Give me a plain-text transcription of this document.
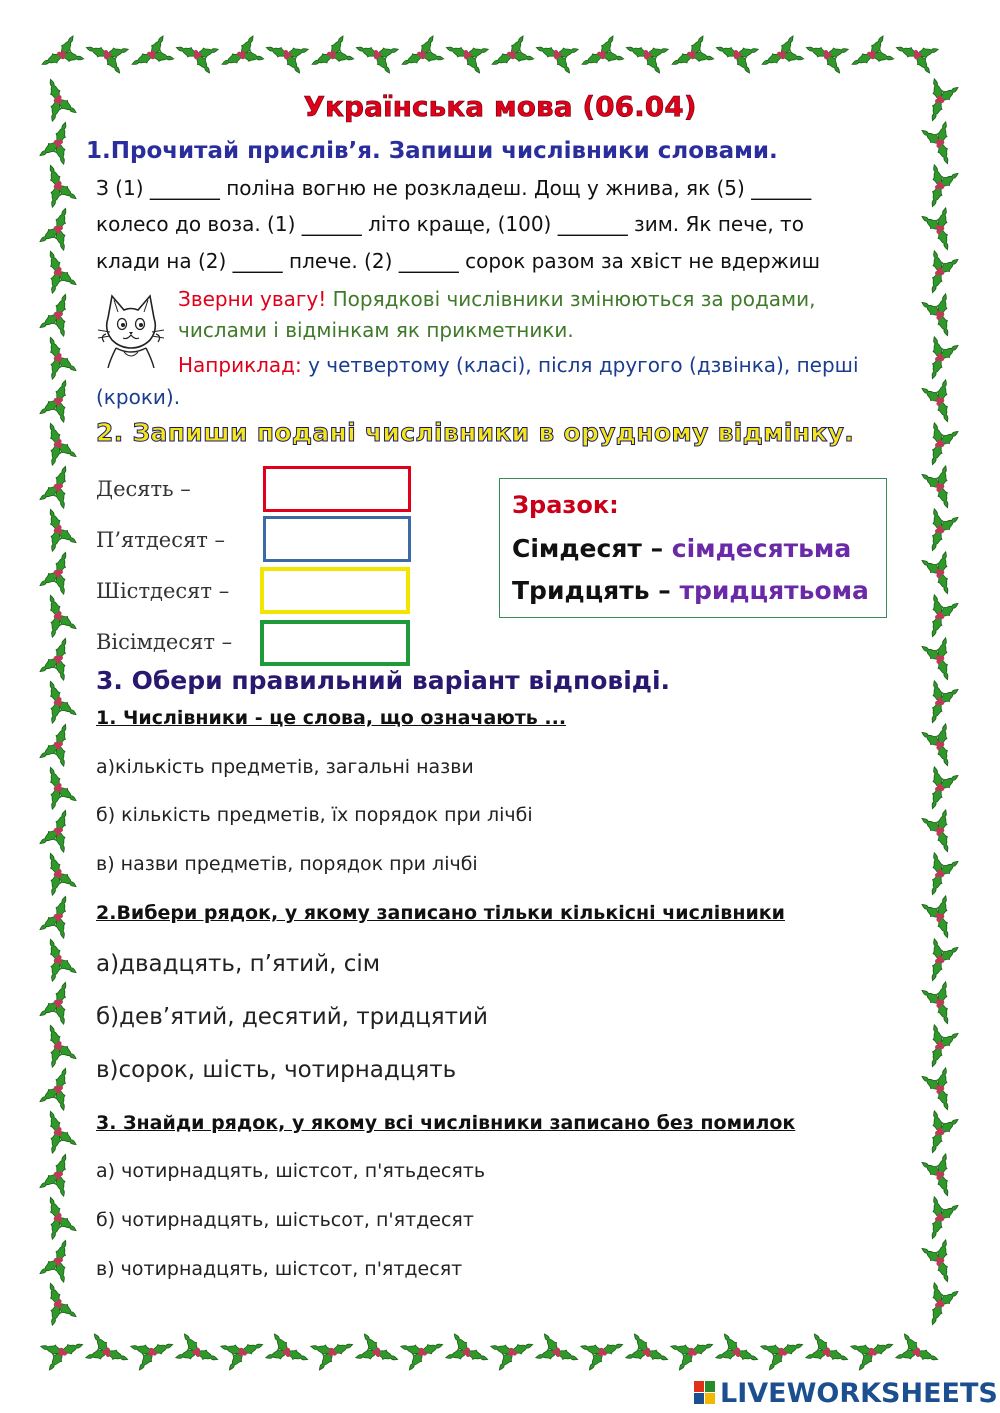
Українська мова (06.04)
1.Прочитай прислів’я. Запиши числівники словами.
З (1) _______ поліна вогню не розкладеш. Дощ у жнива, як (5) ______
колесо до воза. (1) ______ літо краще, (100) _______ зим. Як пече, то
клади на (2) _____ плече. (2) ______ сорок разом за хвіст не вдержиш
Зверни увагу! Порядкові числівники змінюються за родами,
числами і відмінкам як прикметники.
Наприклад: у четвертому (класі), після другого (дзвінка), перші
(кроки).
2. Запиши подані числівники в орудному відмінку.
Десять –
П’ятдесят –
Шістдесят –
Вісімдесят –
Зразок:
Сімдесят – сімдесятьма
Тридцять – тридцятьома
3. Обери правильний варіант відповіді.
1. Числівники - це слова, що означають ...
а)кількість предметів, загальні назви
б) кількість предметів, їх порядок при лічбі
в) назви предметів, порядок при лічбі
2.Вибери рядок, у якому записано тільки кількісні числівники
а)двадцять, п’ятий, сім
б)дев’ятий, десятий, тридцятий
в)сорок, шість, чотирнадцять
3. Знайди рядок, у якому всі числівники записано без помилок
а) чотирнадцять, шістсот, п'ятьдесять
б) чотирнадцять, шістьсот, п'ятдесят
в) чотирнадцять, шістсот, п'ятдесят
LIVEWORKSHEETS
